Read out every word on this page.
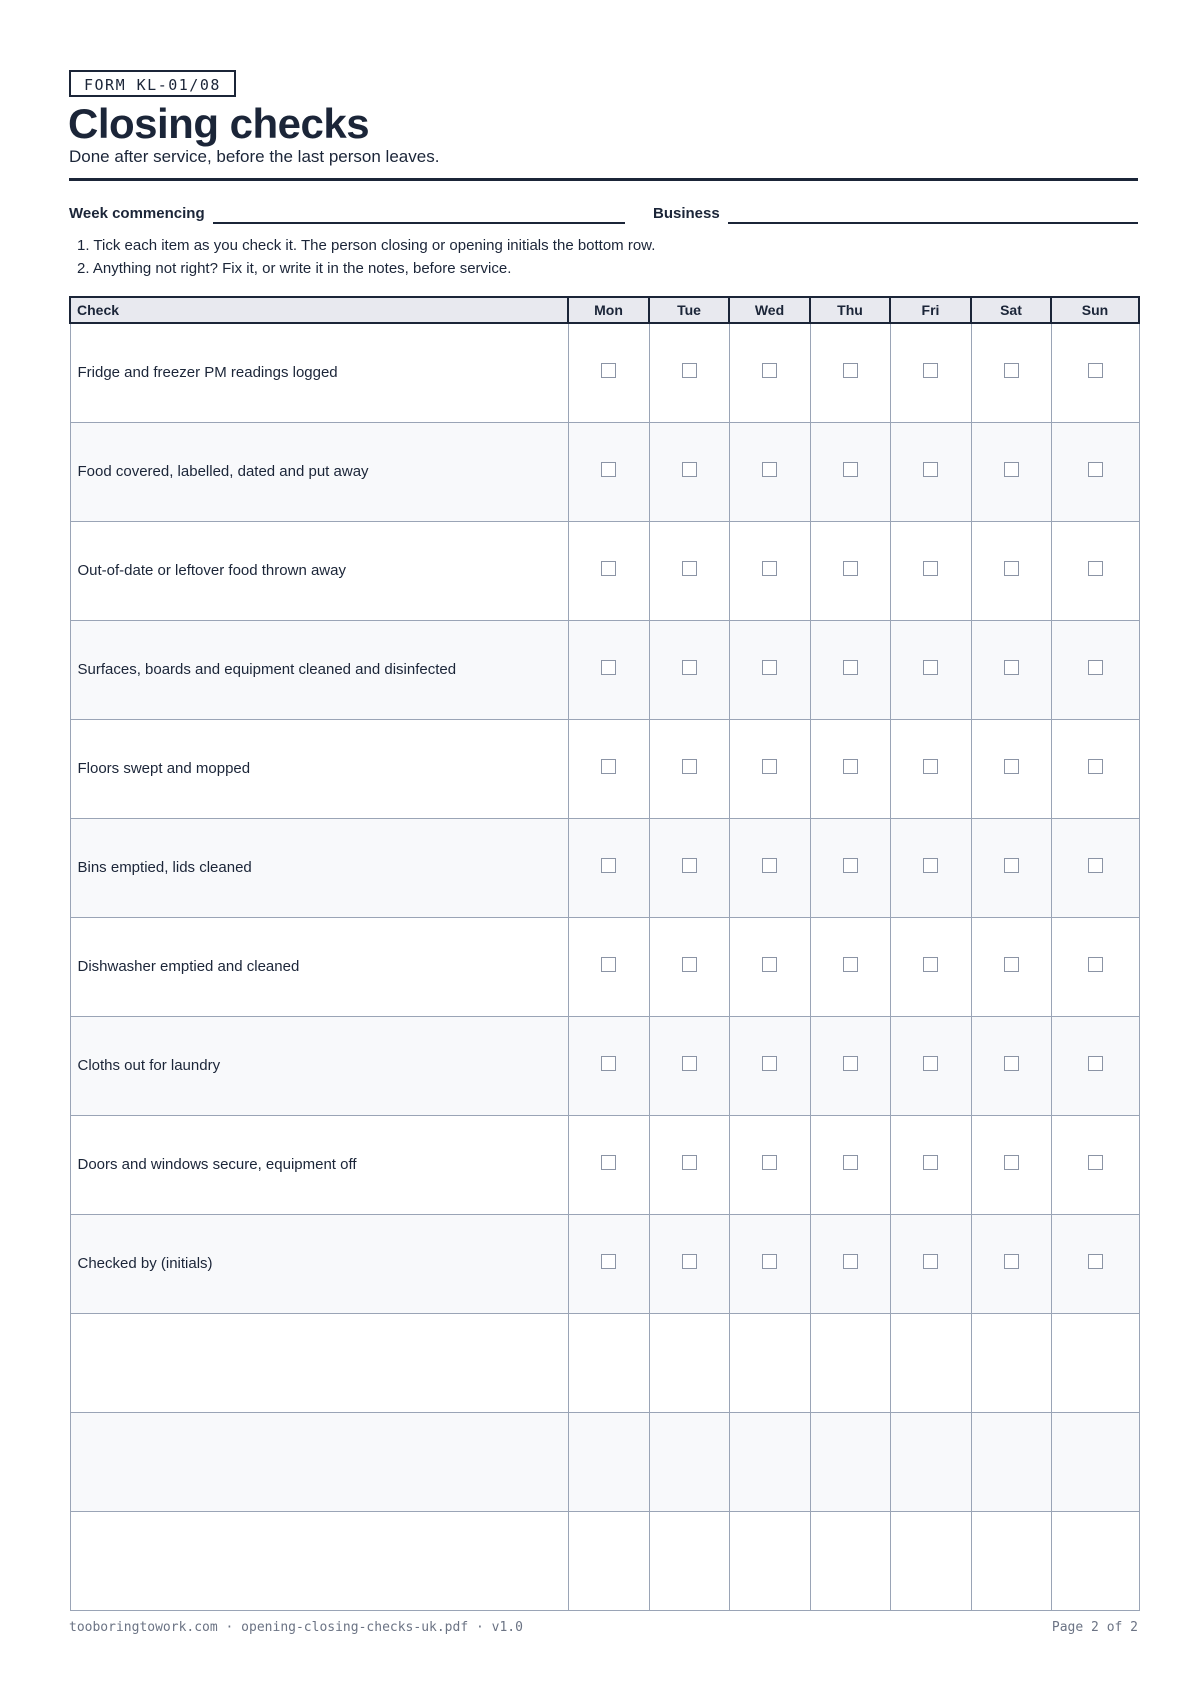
FORM KL-01/08
Closing checks
Done after service, before the last person leaves.
Week commencing	Business
1. Tick each item as you check it. The person closing or opening initials the bottom row.
2. Anything not right? Fix it, or write it in the notes, before service.
Check	Mon	Tue	Wed	Thu	Fri	Sat	Sun
Fridge and freezer PM readings logged							
Food covered, labelled, dated and put away							
Out-of-date or leftover food thrown away							
Surfaces, boards and equipment cleaned and disinfected							
Floors swept and mopped							
Bins emptied, lids cleaned							
Dishwasher emptied and cleaned							
Cloths out for laundry							
Doors and windows secure, equipment off							
Checked by (initials)							

tooboringtowork.com · opening-closing-checks-uk.pdf · v1.0	Page 2 of 2
